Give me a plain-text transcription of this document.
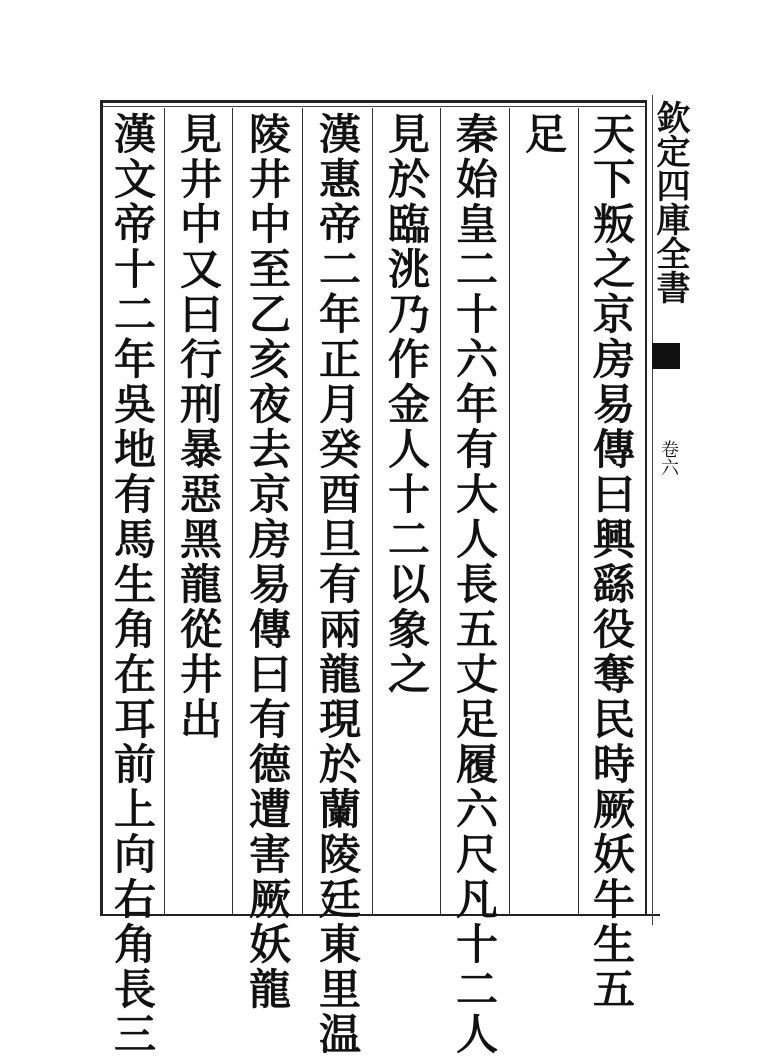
天下叛之京房易傳曰興繇役奪民時厥妖牛生五
足
秦始皇二十六年有大人長五丈足履六尺凡十二人
見於臨洮乃作金人十二以象之
漢惠帝二年正月癸酉旦有兩龍現於蘭陵廷東里温
陵井中至乙亥夜去京房易傳曰有德遭害厥妖龍
見井中又曰行刑暴惡黑龍從井出
漢文帝十二年吳地有馬生角在耳前上向右角長三	欽定四庫全書
卷六
